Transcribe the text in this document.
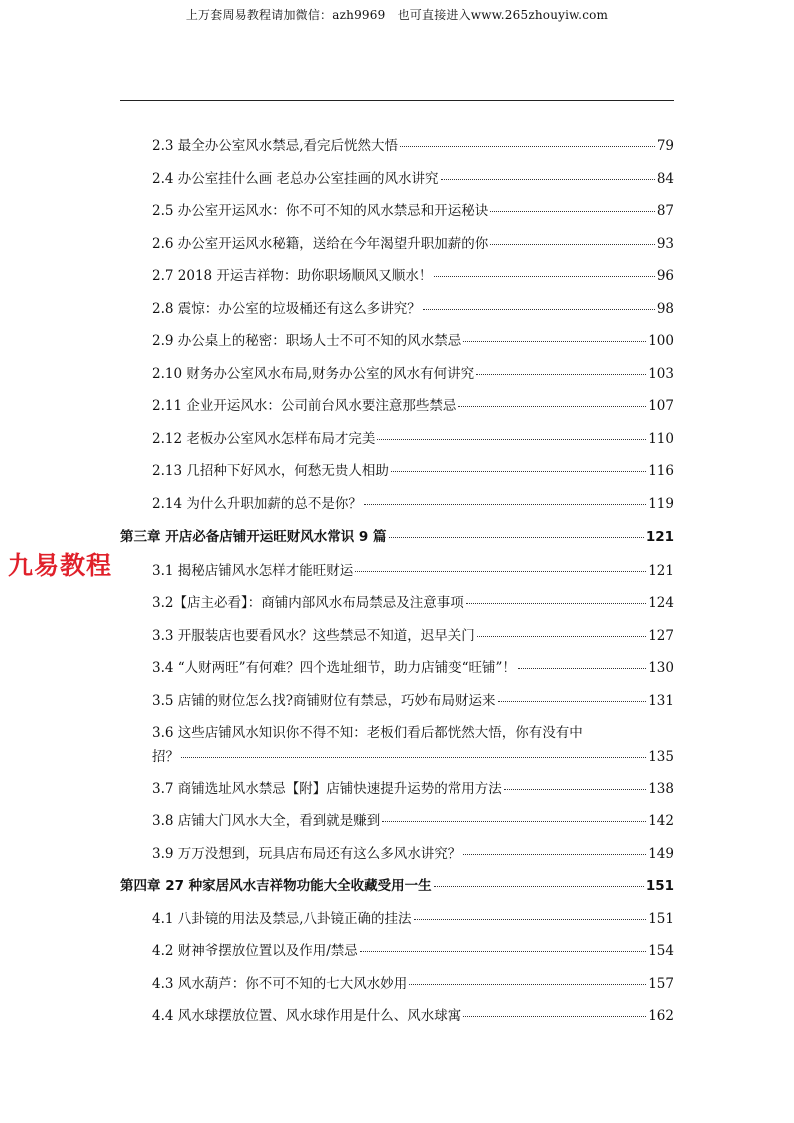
上万套周易教程请加微信：azh9969　也可直接进入www.265zhouyiw.com
2.3 最全办公室风水禁忌,看完后恍然大悟	79
2.4 办公室挂什么画 老总办公室挂画的风水讲究	84
2.5 办公室开运风水：你不可不知的风水禁忌和开运秘诀	87
2.6 办公室开运风水秘籍，送给在今年渴望升职加薪的你	93
2.7 2018 开运吉祥物：助你职场顺风又顺水！	96
2.8 震惊：办公室的垃圾桶还有这么多讲究？	98
2.9 办公桌上的秘密：职场人士不可不知的风水禁忌	100
2.10 财务办公室风水布局,财务办公室的风水有何讲究	103
2.11 企业开运风水：公司前台风水要注意那些禁忌	107
2.12 老板办公室风水怎样布局才完美	110
2.13 几招种下好风水，何愁无贵人相助	116
2.14 为什么升职加薪的总不是你？	119
第三章 开店必备店铺开运旺财风水常识 9 篇	121
3.1 揭秘店铺风水怎样才能旺财运	121
3.2【店主必看】：商铺内部风水布局禁忌及注意事项	124
3.3 开服装店也要看风水？这些禁忌不知道，迟早关门	127
3.4 “人财两旺”有何难？四个选址细节，助力店铺变“旺铺”！	130
3.5 店铺的财位怎么找?商铺财位有禁忌，巧妙布局财运来	131
3.6 这些店铺风水知识你不得不知：老板们看后都恍然大悟，你有没有中
招？	135
3.7 商铺选址风水禁忌【附】店铺快速提升运势的常用方法	138
3.8 店铺大门风水大全，看到就是赚到	142
3.9 万万没想到，玩具店布局还有这么多风水讲究？	149
第四章 27 种家居风水吉祥物功能大全收藏受用一生	151
4.1 八卦镜的用法及禁忌,八卦镜正确的挂法	151
4.2 财神爷摆放位置以及作用/禁忌	154
4.3 风水葫芦：你不可不知的七大风水妙用	157
4.4 风水球摆放位置、风水球作用是什么、风水球寓	162
九易教程
